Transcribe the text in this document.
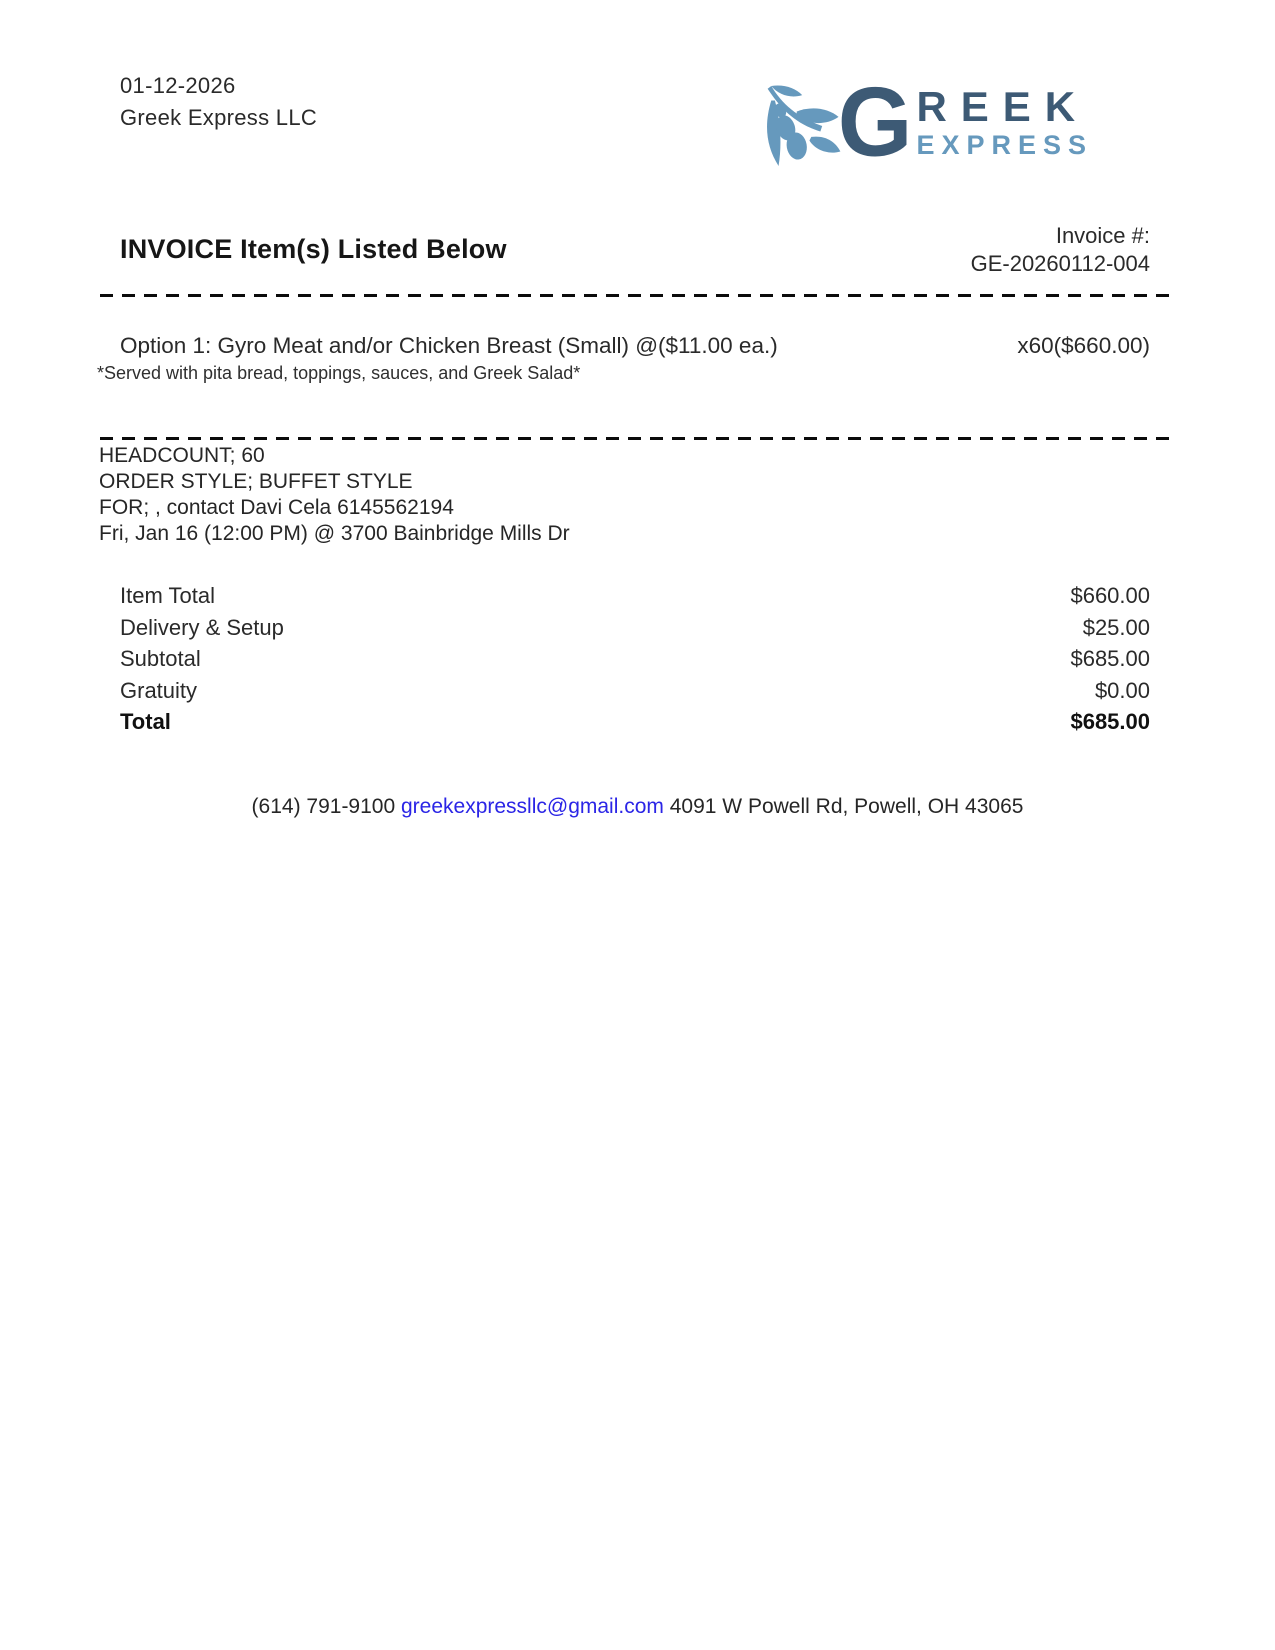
01-12-2026
Greek Express LLC	G REEK
EXPRESS
INVOICE Item(s) Listed Below	Invoice #:
GE-20260112-004
Option 1: Gyro Meat and/or Chicken Breast (Small) @($11.00 ea.)	x60($660.00)
*Served with pita bread, toppings, sauces, and Greek Salad*
HEADCOUNT; 60
ORDER STYLE; BUFFET STYLE
FOR; , contact Davi Cela 6145562194
Fri, Jan 16 (12:00 PM) @ 3700 Bainbridge Mills Dr
Item Total	$660.00
Delivery & Setup	$25.00
Subtotal	$685.00
Gratuity	$0.00
Total	$685.00
(614) 791-9100 greekexpressllc@gmail.com 4091 W Powell Rd, Powell, OH 43065
